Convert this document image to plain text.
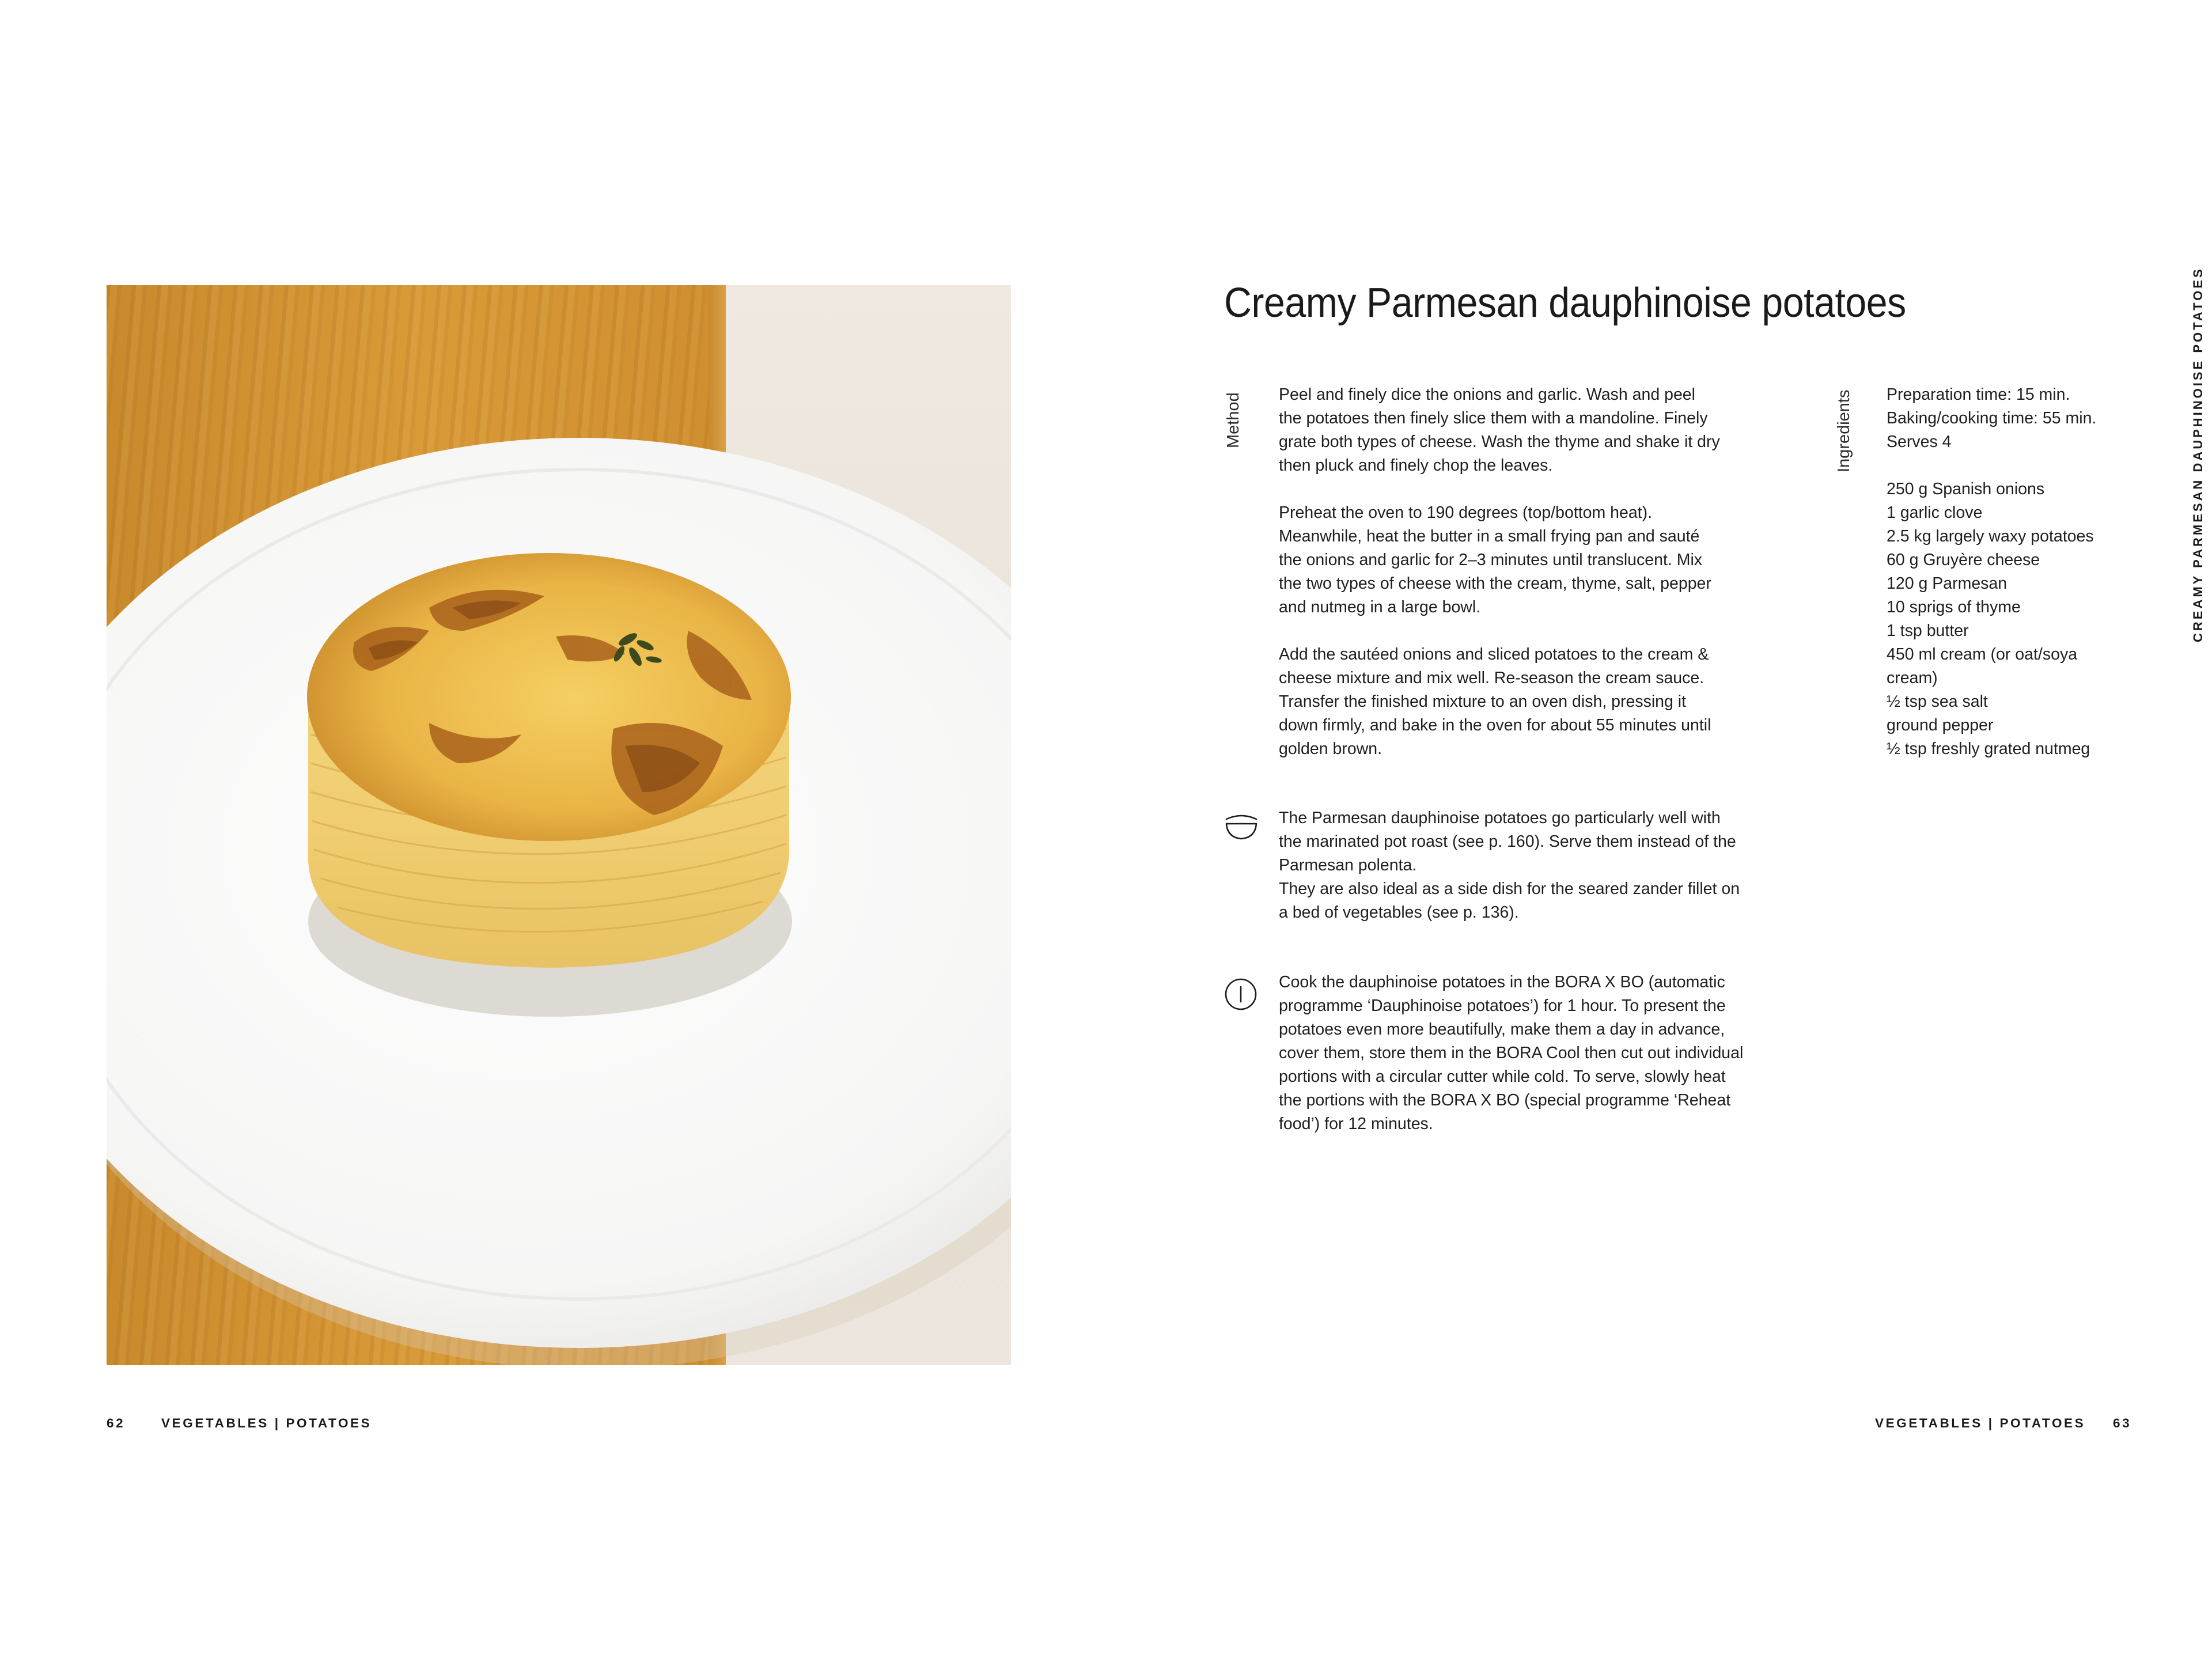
Creamy Parmesan dauphinoise potatoes
Method Peel and finely dice the onions and garlic. Wash and peel
the potatoes then finely slice them with a mandoline. Finely
grate both types of cheese. Wash the thyme and shake it dry
then pluck and finely chop the leaves.
Preheat the oven to 190 degrees (top/bottom heat).
Meanwhile, heat the butter in a small frying pan and sauté
the onions and garlic for 2–3 minutes until translucent. Mix
the two types of cheese with the cream, thyme, salt, pepper
and nutmeg in a large bowl.
Add the sautéed onions and sliced potatoes to the cream &
cheese mixture and mix well. Re-season the cream sauce.
Transfer the finished mixture to an oven dish, pressing it
down firmly, and bake in the oven for about 55 minutes until
golden brown.
The Parmesan dauphinoise potatoes go particularly well with
the marinated pot roast (see p. 160). Serve them instead of the
Parmesan polenta.
They are also ideal as a side dish for the seared zander fillet on
a bed of vegetables (see p. 136).
Cook the dauphinoise potatoes in the BORA X BO (automatic
programme ‘Dauphinoise potatoes’) for 1 hour. To present the
potatoes even more beautifully, make them a day in advance,
cover them, store them in the BORA Cool then cut out individual
portions with a circular cutter while cold. To serve, slowly heat
the portions with the BORA X BO (special programme ‘Reheat
food’) for 12 minutes.
Ingredients Preparation time: 15 min.
Baking/cooking time: 55 min.
Serves 4
250 g Spanish onions
1 garlic clove
2.5 kg largely waxy potatoes
60 g Gruyère cheese
120 g Parmesan
10 sprigs of thyme
1 tsp butter
450 ml cream (or oat/soya
cream)
½ tsp sea salt
ground pepper
½ tsp freshly grated nutmeg
CREAMY PARMESAN DAUPHINOISE POTATOES
62	VEGETABLES | POTATOES	VEGETABLES | POTATOES 63
